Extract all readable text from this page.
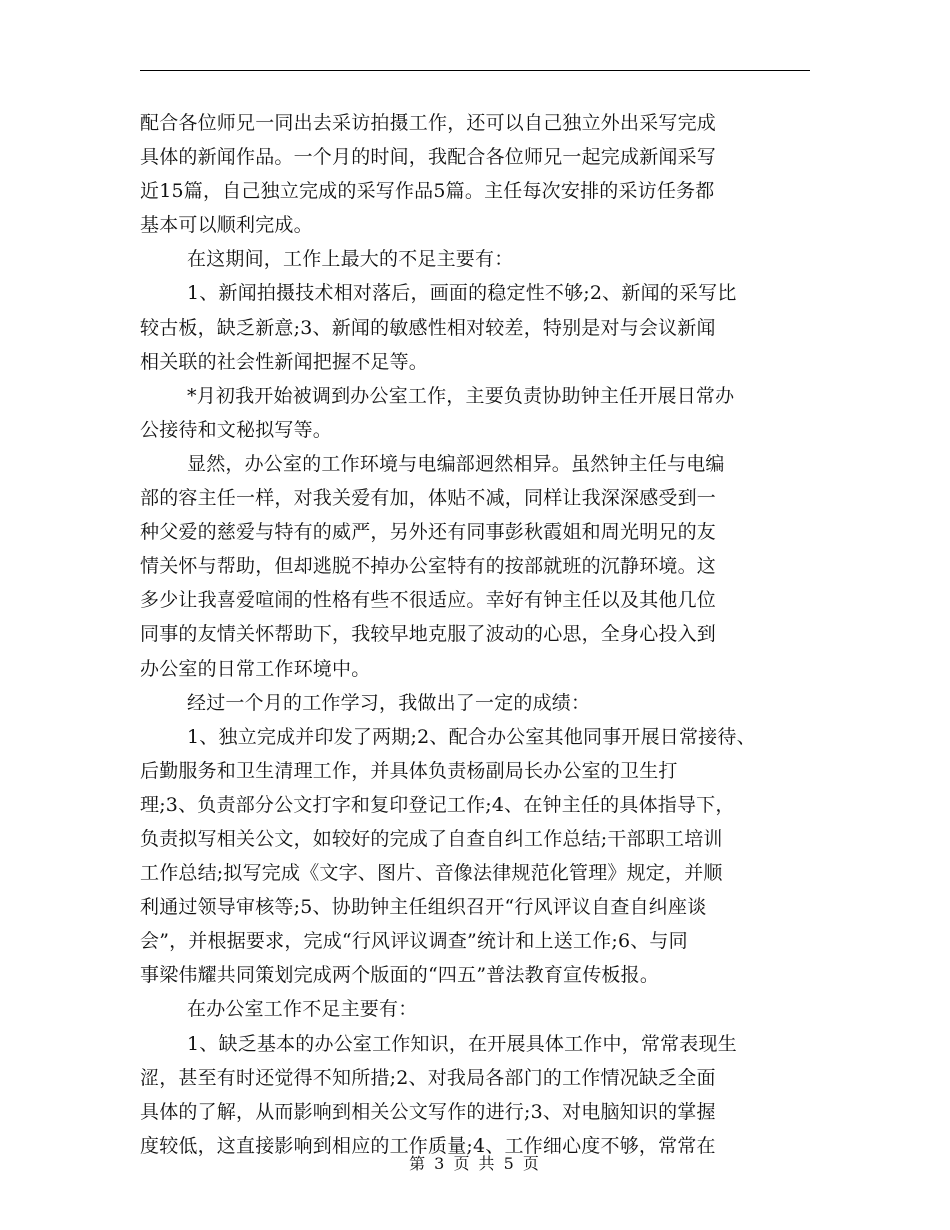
配合各位师兄一同出去采访拍摄工作，还可以自己独立外出采写完成
具体的新闻作品。一个月的时间，我配合各位师兄一起完成新闻采写
近15篇，自己独立完成的采写作品5篇。主任每次安排的采访任务都
基本可以顺利完成。
在这期间，工作上最大的不足主要有：
1、新闻拍摄技术相对落后，画面的稳定性不够;2、新闻的采写比
较古板，缺乏新意;3、新闻的敏感性相对较差，特别是对与会议新闻
相关联的社会性新闻把握不足等。
*月初我开始被调到办公室工作，主要负责协助钟主任开展日常办
公接待和文秘拟写等。
显然，办公室的工作环境与电编部迥然相异。虽然钟主任与电编
部的容主任一样，对我关爱有加，体贴不减，同样让我深深感受到一
种父爱的慈爱与特有的威严，另外还有同事彭秋霞姐和周光明兄的友
情关怀与帮助，但却逃脱不掉办公室特有的按部就班的沉静环境。这
多少让我喜爱喧闹的性格有些不很适应。幸好有钟主任以及其他几位
同事的友情关怀帮助下，我较早地克服了波动的心思，全身心投入到
办公室的日常工作环境中。
经过一个月的工作学习，我做出了一定的成绩：
1、独立完成并印发了两期;2、配合办公室其他同事开展日常接待、
后勤服务和卫生清理工作，并具体负责杨副局长办公室的卫生打
理;3、负责部分公文打字和复印登记工作;4、在钟主任的具体指导下，
负责拟写相关公文，如较好的完成了自查自纠工作总结;干部职工培训
工作总结;拟写完成《文字、图片、音像法律规范化管理》规定，并顺
利通过领导审核等;5、协助钟主任组织召开“行风评议自查自纠座谈
会”，并根据要求，完成“行风评议调查”统计和上送工作;6、与同
事梁伟耀共同策划完成两个版面的“四五”普法教育宣传板报。
在办公室工作不足主要有：
1、缺乏基本的办公室工作知识，在开展具体工作中，常常表现生
涩，甚至有时还觉得不知所措;2、对我局各部门的工作情况缺乏全面
具体的了解，从而影响到相关公文写作的进行;3、对电脑知识的掌握
度较低，这直接影响到相应的工作质量;4、工作细心度不够，常常在
第 3 页 共 5 页
